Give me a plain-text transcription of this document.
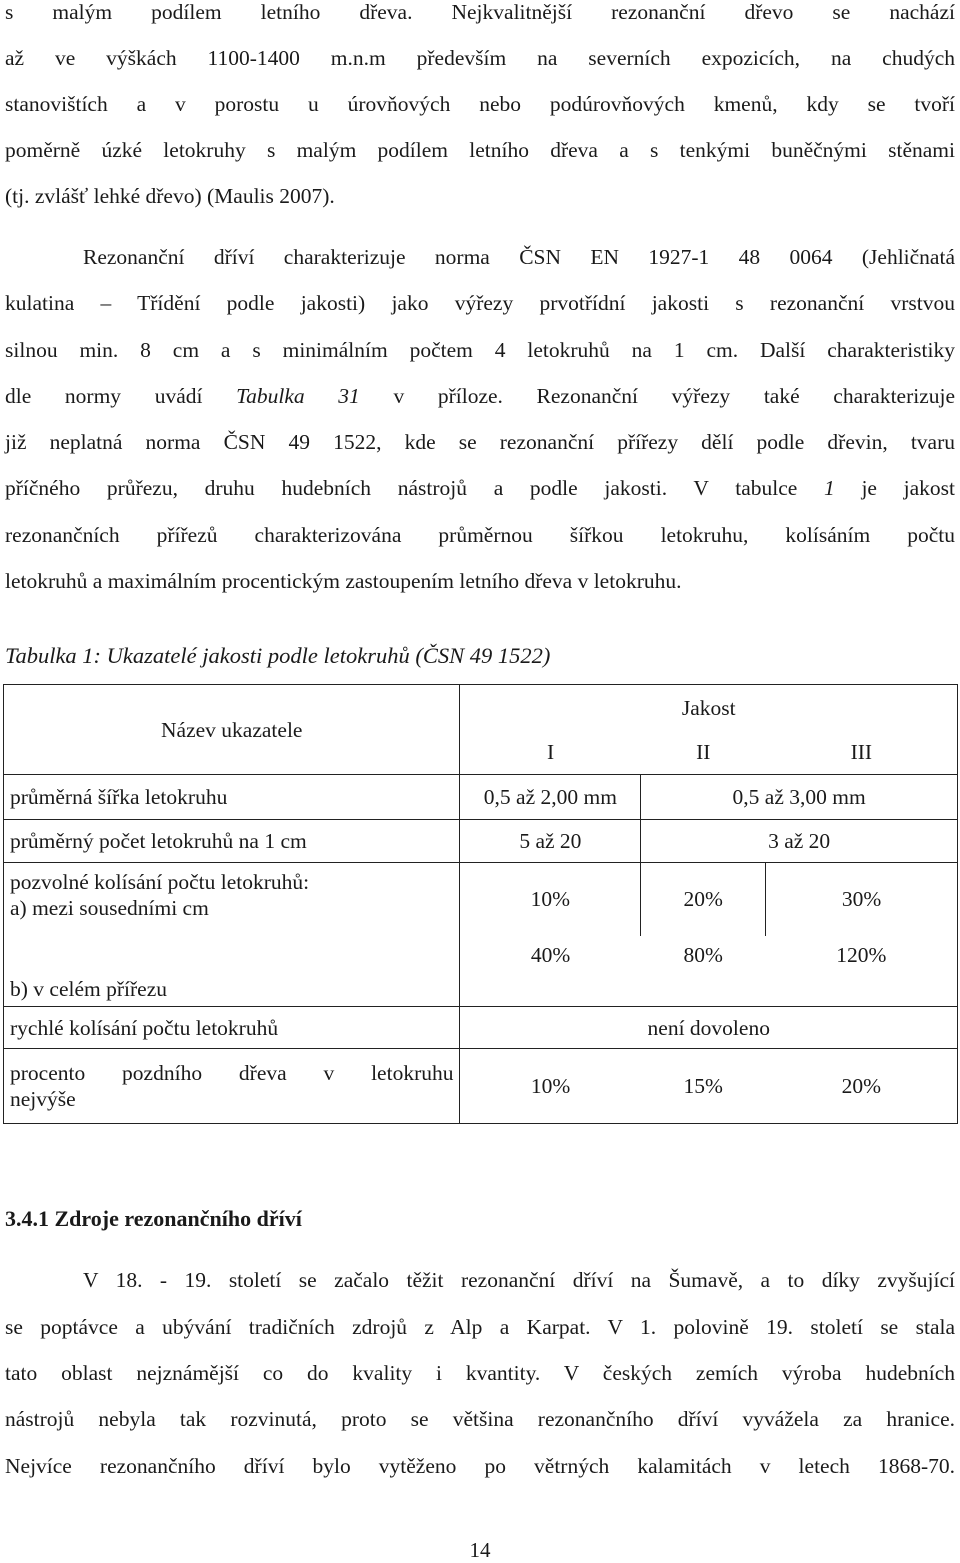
s malým podílem letního dřeva. Nejkvalitnější rezonanční dřevo se nachází
až ve výškách 1100-1400 m.n.m především na severních expozicích, na chudých
stanovištích a v porostu u úrovňových nebo podúrovňových kmenů, kdy se tvoří
poměrně úzké letokruhy s malým podílem letního dřeva a s tenkými buněčnými stěnami
(tj. zvlášť lehké dřevo) (Maulis 2007).
Rezonanční dříví charakterizuje norma ČSN EN 1927-1 48 0064 (Jehličnatá
kulatina – Třídění podle jakosti) jako výřezy prvotřídní jakosti s rezonanční vrstvou
silnou min. 8 cm a s minimálním počtem 4 letokruhů na 1 cm. Další charakteristiky
dle normy uvádí Tabulka 31 v příloze. Rezonanční výřezy také charakterizuje
již neplatná norma ČSN 49 1522, kde se rezonanční přířezy dělí podle dřevin, tvaru
příčného průřezu, druhu hudebních nástrojů a podle jakosti. V tabulce 1 je jakost
rezonančních přířezů charakterizována průměrnou šířkou letokruhu, kolísáním počtu
letokruhů a maximálním procentickým zastoupením letního dřeva v letokruhu.
Tabulka 1: Ukazatelé jakosti podle letokruhů (ČSN 49 1522)
Název ukazatele	Jakost		
	I	II	III
průměrná šířka letokruhu	0,5 až 2,00 mm	0,5 až 3,00 mm	
průměrný počet letokruhů na 1 cm	5 až 20	3 až 20	

pozvolné kolísání počtu letokruhů:
a) mezi sousedními cm	10%	20%	30%
b) v celém přířezu	40%	80%	120%
rychlé kolísání počtu letokruhů	není dovoleno		

procento pozdního dřeva v letokruhu
nejvýše	10%	15%	20%
3.4.1 Zdroje rezonančního dříví
V 18. - 19. století se začalo těžit rezonanční dříví na Šumavě, a to díky zvyšující
se poptávce a ubývání tradičních zdrojů z Alp a Karpat. V 1. polovině 19. století se stala
tato oblast nejznámější co do kvality i kvantity. V českých zemích výroba hudebních
nástrojů nebyla tak rozvinutá, proto se většina rezonančního dříví vyvážela za hranice.
Nejvíce rezonančního dříví bylo vytěženo po větrných kalamitách v letech 1868-70.
14
